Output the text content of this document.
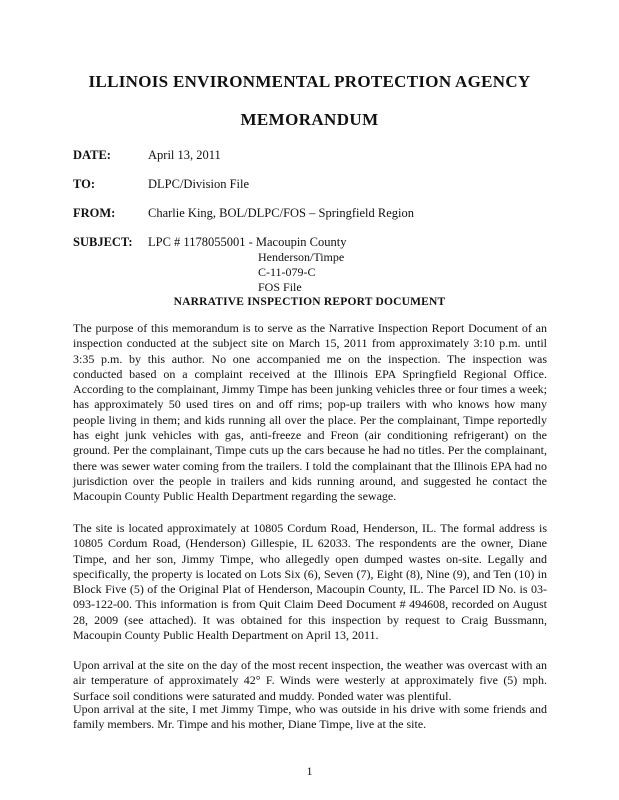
ILLINOIS ENVIRONMENTAL PROTECTION AGENCY
MEMORANDUM
DATE:	April 13, 2011
TO:	DLPC/Division File
FROM:	Charlie King, BOL/DLPC/FOS – Springfield Region
SUBJECT: LPC # 1178055001 - Macoupin County
Henderson/Timpe
C-11-079-C
FOS File
NARRATIVE INSPECTION REPORT DOCUMENT

The purpose of this memorandum is to serve as the Narrative Inspection Report Document of an inspection conducted at the subject site on March 15, 2011 from approximately 3:10 p.m. until 3:35 p.m. by this author. No one accompanied me on the inspection. The inspection was conducted based on a complaint received at the Illinois EPA Springfield Regional Office. According to the complainant, Jimmy Timpe has been junking vehicles three or four times a week; has approximately 50 used tires on and off rims; pop-up trailers with who knows how many people living in them; and kids running all over the place. Per the complainant, Timpe reportedly has eight junk vehicles with gas, anti-freeze and Freon (air conditioning refrigerant) on the ground. Per the complainant, Timpe cuts up the cars because he had no titles. Per the complainant, there was sewer water coming from the trailers. I told the complainant that the Illinois EPA had no jurisdiction over the people in trailers and kids running around, and suggested he contact the Macoupin County Public Health Department regarding the sewage.

The site is located approximately at 10805 Cordum Road, Henderson, IL. The formal address is 10805 Cordum Road, (Henderson) Gillespie, IL 62033. The respondents are the owner, Diane Timpe, and her son, Jimmy Timpe, who allegedly open dumped wastes on-site. Legally and specifically, the property is located on Lots Six (6), Seven (7), Eight (8), Nine (9), and Ten (10) in Block Five (5) of the Original Plat of Henderson, Macoupin County, IL. The Parcel ID No. is 03-093-122-00. This information is from Quit Claim Deed Document # 494608, recorded on August 28, 2009 (see attached). It was obtained for this inspection by request to Craig Bussmann, Macoupin County Public Health Department on April 13, 2011.

Upon arrival at the site on the day of the most recent inspection, the weather was overcast with an air temperature of approximately 42° F. Winds were westerly at approximately five (5) mph. Surface soil conditions were saturated and muddy. Ponded water was plentiful.

Upon arrival at the site, I met Jimmy Timpe, who was outside in his drive with some friends and family members. Mr. Timpe and his mother, Diane Timpe, live at the site.

1
